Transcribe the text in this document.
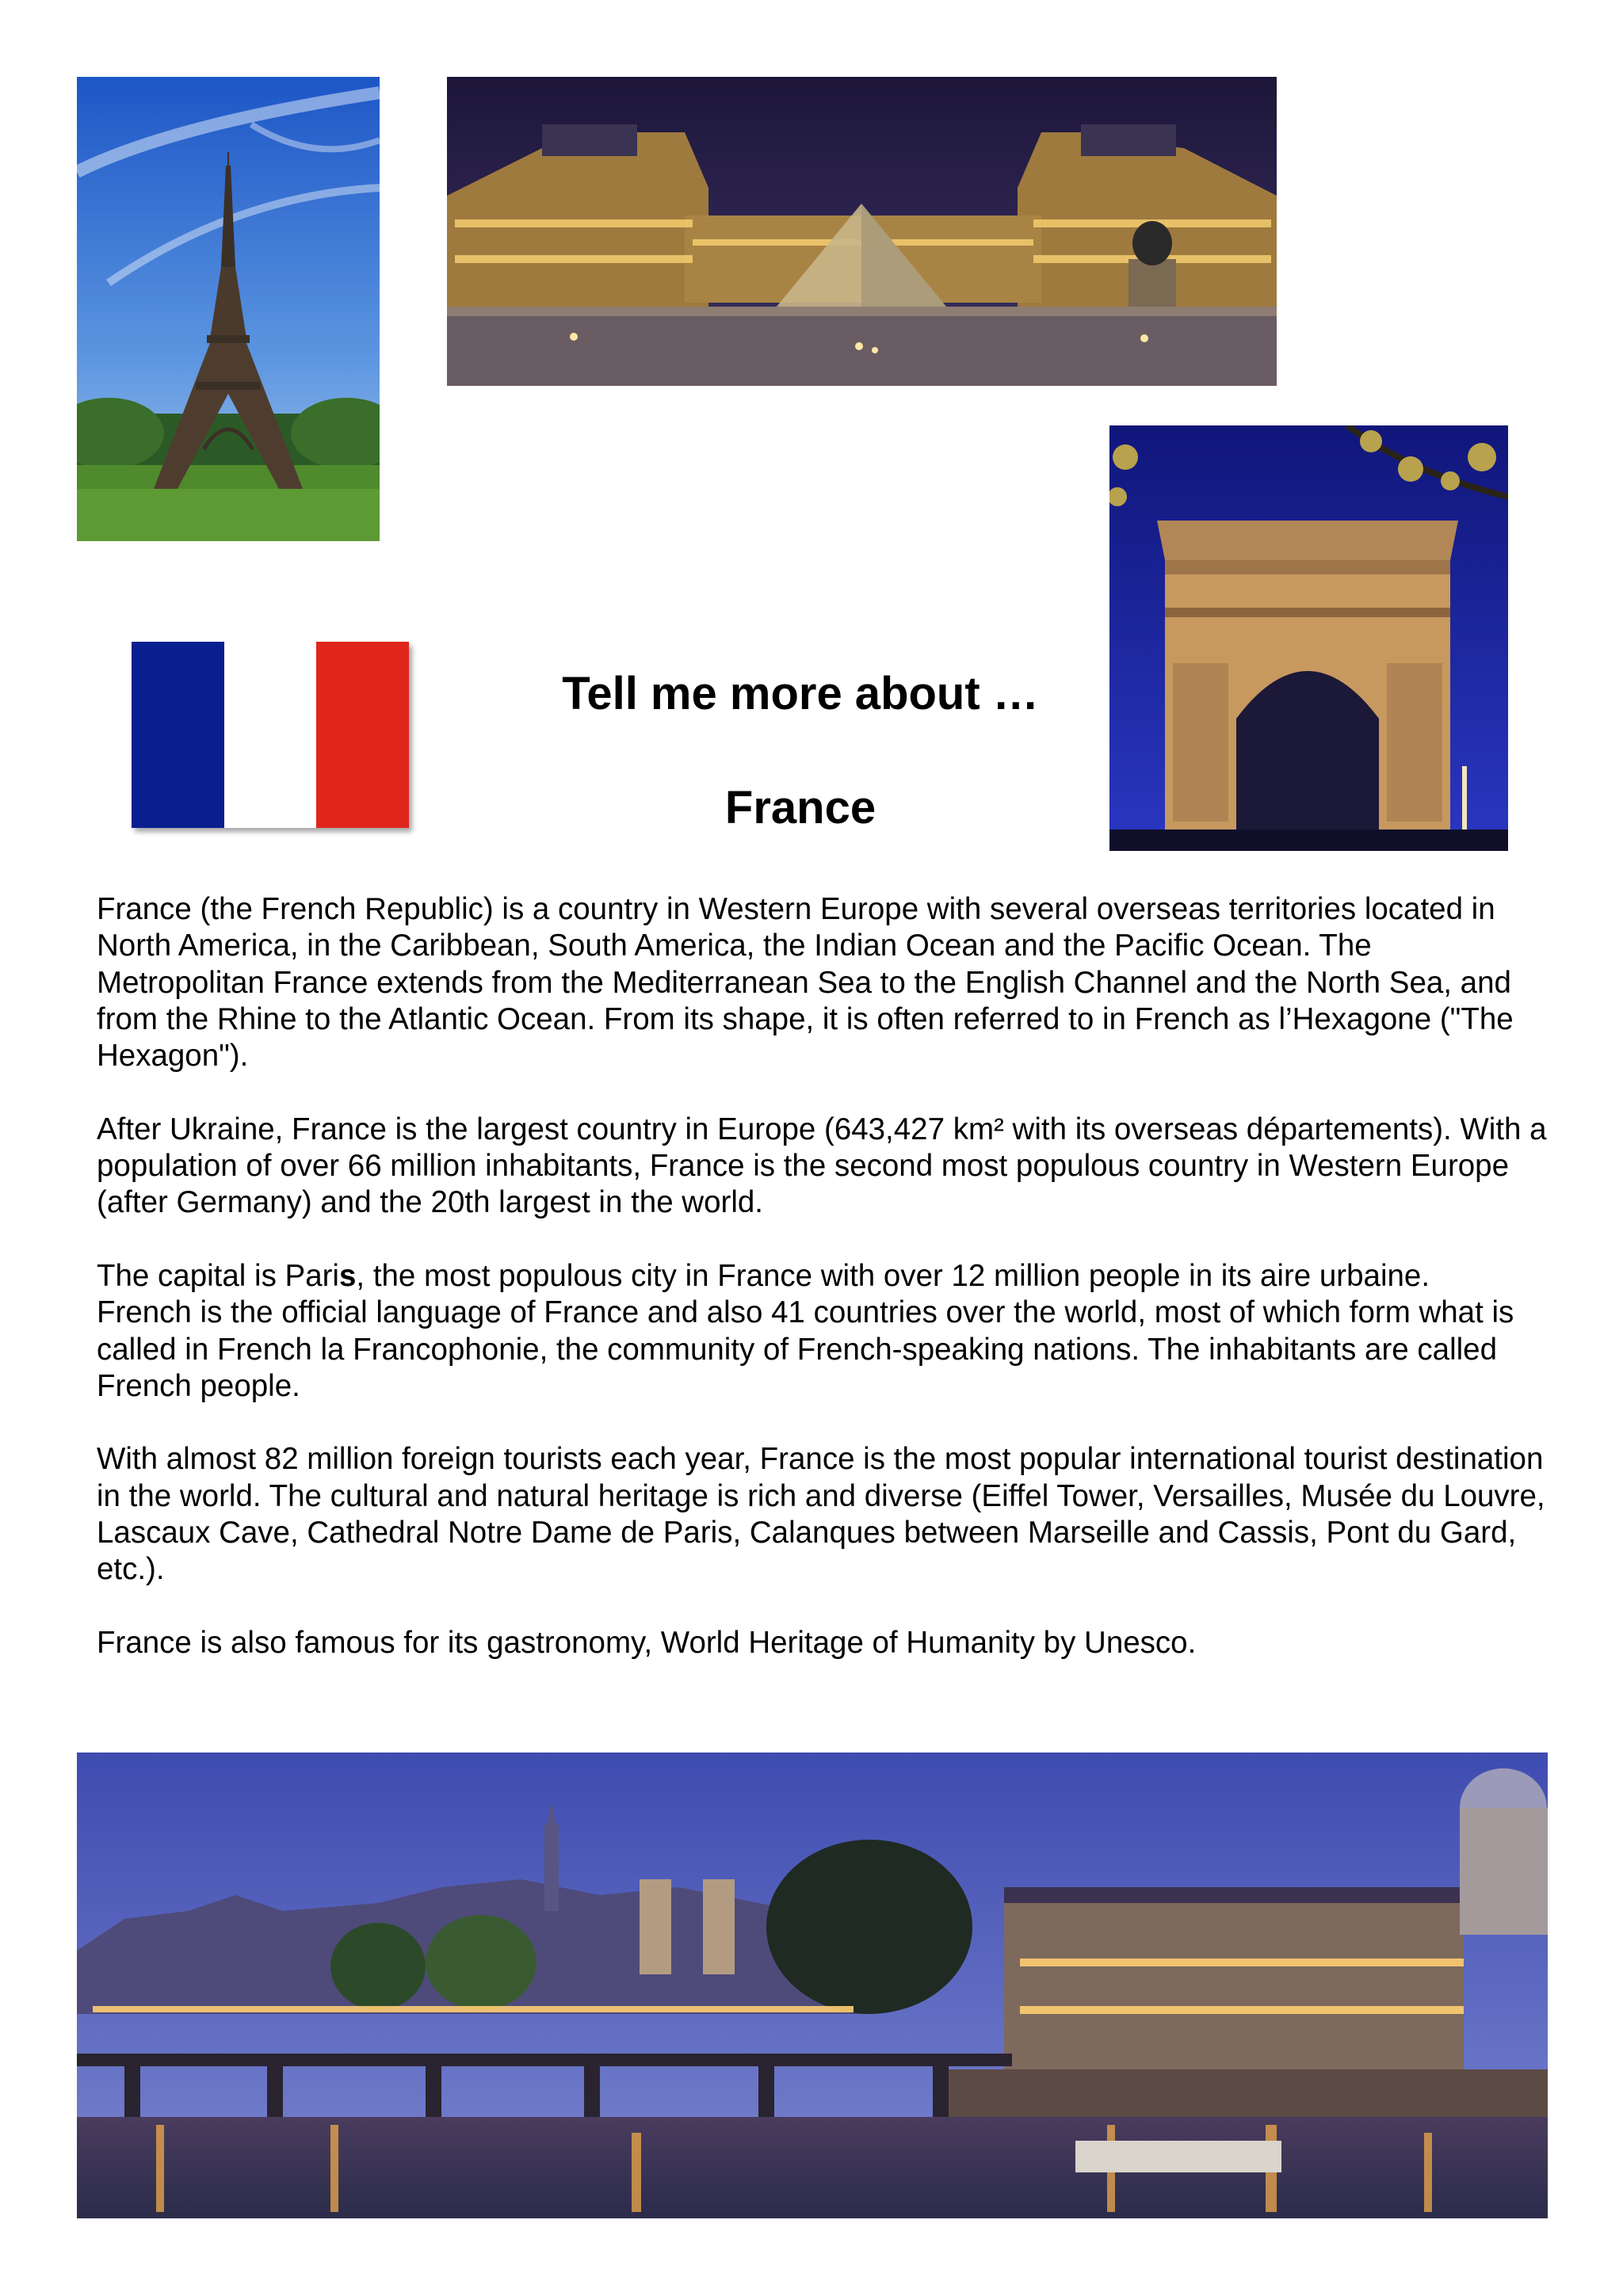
Tell me more about …
France

France (the French Republic) is a country in Western Europe with several overseas territories located in North America, in the Caribbean, South America, the Indian Ocean and the Pacific Ocean. The Metropolitan France extends from the Mediterranean Sea to the English Channel and the North Sea, and from the Rhine to the Atlantic Ocean. From its shape, it is often referred to in French as l’Hexagone ("The Hexagon").

After Ukraine, France is the largest country in Europe (643,427 km² with its overseas départements). With a population of over 66 million inhabitants, France is the second most populous country in Western Europe (after Germany) and the 20th largest in the world.

The capital is Paris, the most populous city in France with over 12 million people in its aire urbaine.

French is the official language of France and also 41 countries over the world, most of which form what is called in French la Francophonie, the community of French-speaking nations. The inhabitants are called French people.

With almost 82 million foreign tourists each year, France is the most popular international tourist destination in the world. The cultural and natural heritage is rich and diverse (Eiffel Tower, Versailles, Musée du Louvre, Lascaux Cave, Cathedral Notre Dame de Paris, Calanques between Marseille and Cassis, Pont du Gard, etc.).

France is also famous for its gastronomy, World Heritage of Humanity by Unesco.
